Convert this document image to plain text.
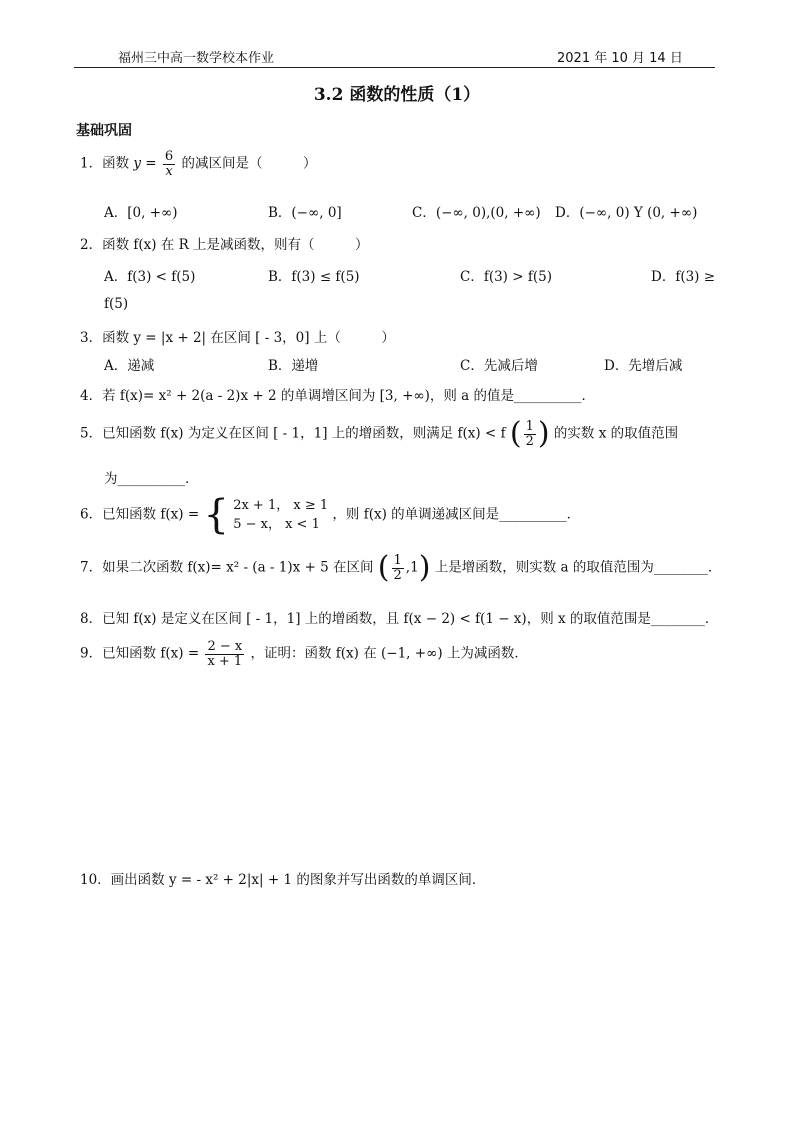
福州三中高一数学校本作业	2021 年 10 月 14 日
3.2 函数的性质（1）
基础巩固
1．函数 $y = \frac{6}{x}$ 的减区间是（　　　）
A．[0, +∞)	B．(−∞, 0]	C．(−∞, 0),(0, +∞) D．(−∞, 0) Y (0, +∞)
2．函数 f(x) 在 R 上是减函数，则有（　　　）
A．f(3) < f(5)	B．f(3) ≤ f(5)	C．f(3) > f(5)	D．f(3) ≥
f(5)
3．函数 y = |x + 2| 在区间 [ - 3，0] 上（　　　）
A．递减	B．递增	C．先减后增	D．先增后减
4．若 f(x)= x² + 2(a - 2)x + 2 的单调增区间为 [3, +∞)，则 a 的值是__________．
5．已知函数 f(x) 为定义在区间 [ - 1，1] 上的增函数，则满足 f(x) < f ( $\frac{1}{2}$ ) 的实数 x 的取值范围
为__________．
6．已知函数 f(x) = { 2x + 1， x ≥ 1
5 − x， x < 1
，则 f(x) 的单调递减区间是__________．
7．如果二次函数 f(x)= x² - (a - 1)x + 5 在区间 ( $\frac{1}{2} ,1$) 上是增函数，则实数 a 的取值范围为________．
8．已知 f(x) 是定义在区间 [ - 1，1] 上的增函数，且 f(x − 2) < f(1 − x)，则 x 的取值范围是________．
9．已知函数 $f(x) = \frac{2 - x}{x + 1}$ ，证明：函数 f(x) 在 (−1, +∞) 上为减函数．
10．画出函数 y = - x² + 2|x| + 1 的图象并写出函数的单调区间．
